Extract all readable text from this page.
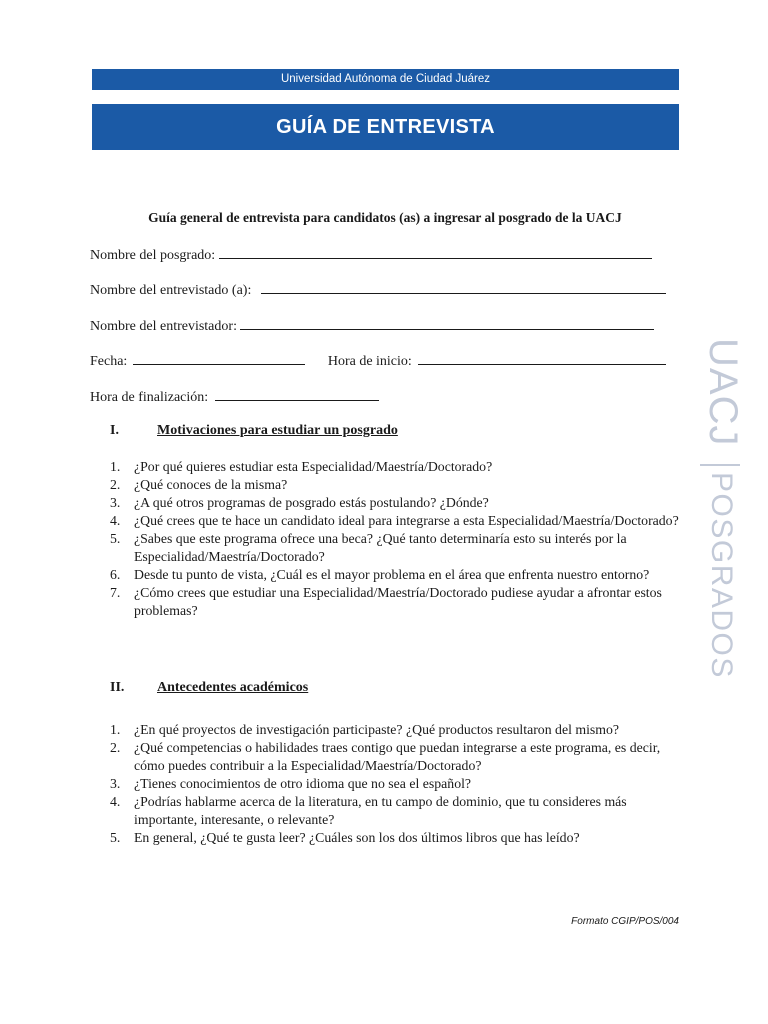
Universidad Autónoma de Ciudad Juárez
GUÍA DE ENTREVISTA
Guía general de entrevista para candidatos (as) a ingresar al posgrado de la UACJ
Nombre del posgrado:
Nombre del entrevistado (a):
Nombre del entrevistador:
Fecha:	Hora de inicio:
Hora de finalización:
I.	Motivaciones para estudiar un posgrado
1. ¿Por qué quieres estudiar esta Especialidad/Maestría/Doctorado?
2. ¿Qué conoces de la misma?
3. ¿A qué otros programas de posgrado estás postulando? ¿Dónde?
4. ¿Qué crees que te hace un candidato ideal para integrarse a esta Especialidad/Maestría/Doctorado?
5. ¿Sabes que este programa ofrece una beca? ¿Qué tanto determinaría esto su interés por la Especialidad/Maestría/Doctorado?
6. Desde tu punto de vista, ¿Cuál es el mayor problema en el área que enfrenta nuestro entorno?
7. ¿Cómo crees que estudiar una Especialidad/Maestría/Doctorado pudiese ayudar a afrontar estos problemas?
II. Antecedentes académicos
1. ¿En qué proyectos de investigación participaste? ¿Qué productos resultaron del mismo?
2. ¿Qué competencias o habilidades traes contigo que puedan integrarse a este programa, es decir, cómo puedes contribuir a la Especialidad/Maestría/Doctorado?
3. ¿Tienes conocimientos de otro idioma que no sea el español?
4. ¿Podrías hablarme acerca de la literatura, en tu campo de dominio, que tu consideres más importante, interesante, o relevante?
5. En general, ¿Qué te gusta leer? ¿Cuáles son los dos últimos libros que has leído?
Formato CGIP/POS/004
UACJ
POSGRADOS
